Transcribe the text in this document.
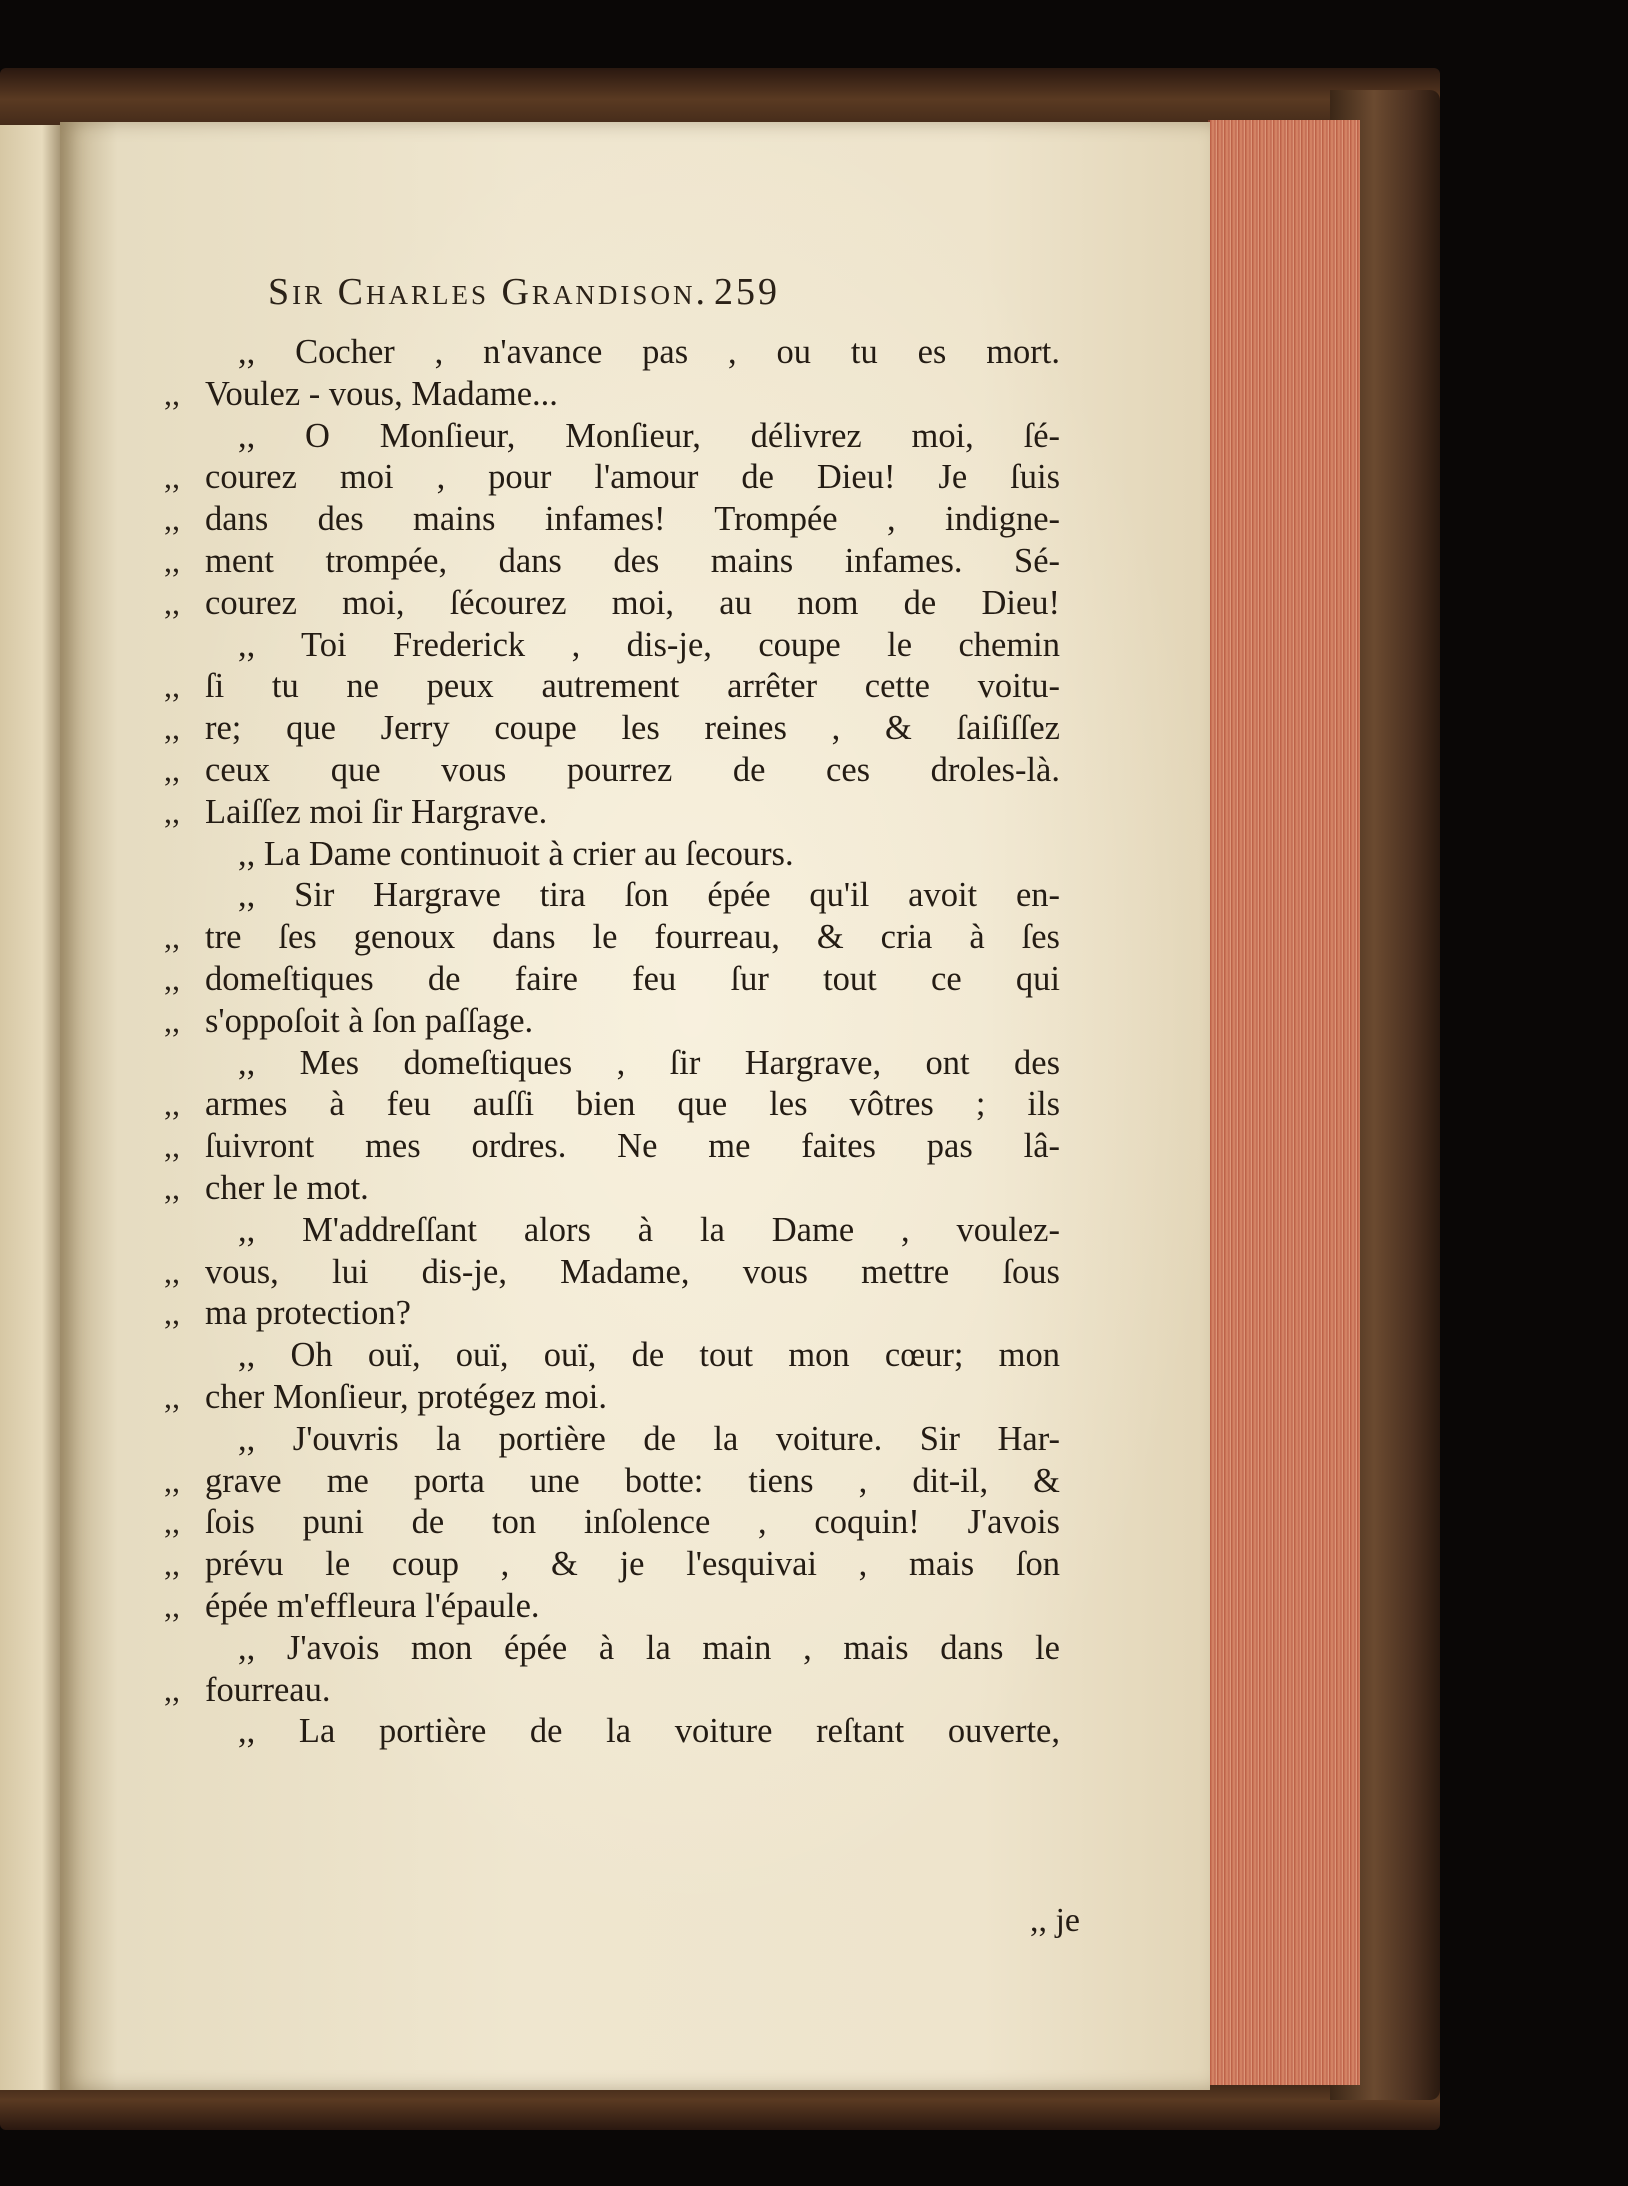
Sir Charles Grandison. 259
,, Cocher , n'avance pas , ou tu es mort.
,, Voulez - vous, Madame...
,, O Monſieur, Monſieur, délivrez moi, ſé-
,, courez moi , pour l'amour de Dieu! Je ſuis
,, dans des mains infames! Trompée , indigne-
,, ment trompée, dans des mains infames. Sé-
,, courez moi, ſécourez moi, au nom de Dieu!
,, Toi Frederick , dis-je, coupe le chemin
,, ſi tu ne peux autrement arrêter cette voitu-
,, re; que Jerry coupe les reines , & ſaiſiſſez
,, ceux que vous pourrez de ces droles-là.
,, Laiſſez moi ſir Hargrave.
,, La Dame continuoit à crier au ſecours.
,, Sir Hargrave tira ſon épée qu'il avoit en-
,, tre ſes genoux dans le fourreau, & cria à ſes
,, domeſtiques de faire feu ſur tout ce qui
,, s'oppoſoit à ſon paſſage.
,, Mes domeſtiques , ſir Hargrave, ont des
,, armes à feu auſſi bien que les vôtres ; ils
,, ſuivront mes ordres. Ne me faites pas lâ-
,, cher le mot.
,, M'addreſſant alors à la Dame , voulez-
,, vous, lui dis-je, Madame, vous mettre ſous
,, ma protection?
,, Oh ouï, ouï, ouï, de tout mon cœur; mon
,, cher Monſieur, protégez moi.
,, J'ouvris la portière de la voiture. Sir Har-
,, grave me porta une botte: tiens , dit-il, &
,, ſois puni de ton inſolence , coquin! J'avois
,, prévu le coup , & je l'esquivai , mais ſon
,, épée m'effleura l'épaule.
,, J'avois mon épée à la main , mais dans le
,, fourreau.
,, La portière de la voiture reſtant ouverte,
,, je
